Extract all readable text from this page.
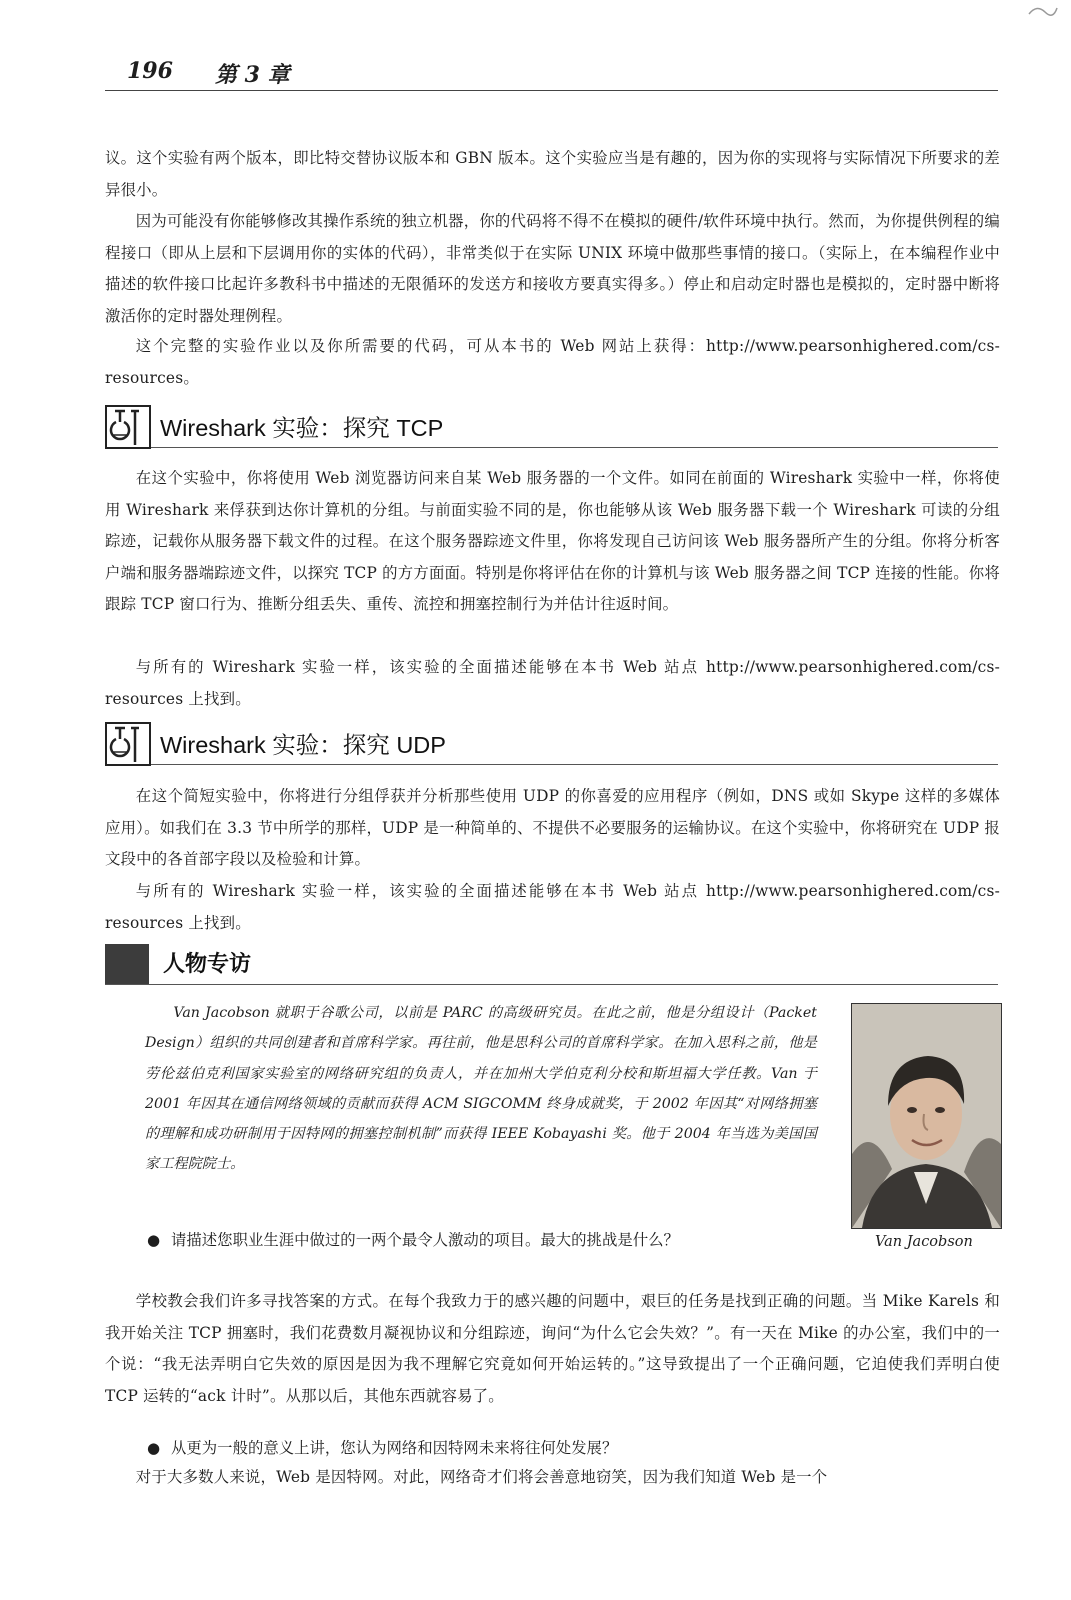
196 第 3 章

议。这个实验有两个版本，即比特交替协议版本和 GBN 版本。这个实验应当是有趣的，因为你的实现将与实际情况下所要求的差异很小。

因为可能没有你能够修改其操作系统的独立机器，你的代码将不得不在模拟的硬件/软件环境中执行。然而，为你提供例程的编程接口（即从上层和下层调用你的实体的代码），非常类似于在实际 UNIX 环境中做那些事情的接口。（实际上，在本编程作业中描述的软件接口比起许多教科书中描述的无限循环的发送方和接收方要真实得多。）停止和启动定时器也是模拟的，定时器中断将激活你的定时器处理例程。

这个完整的实验作业以及你所需要的代码，可从本书的 Web 网站上获得：http://www.pearsonhighered.com/cs-resources。

Wireshark 实验：探究 TCP

在这个实验中，你将使用 Web 浏览器访问来自某 Web 服务器的一个文件。如同在前面的 Wireshark 实验中一样，你将使用 Wireshark 来俘获到达你计算机的分组。与前面实验不同的是，你也能够从该 Web 服务器下载一个 Wireshark 可读的分组踪迹，记载你从服务器下载文件的过程。在这个服务器踪迹文件里，你将发现自己访问该 Web 服务器所产生的分组。你将分析客户端和服务器端踪迹文件，以探究 TCP 的方方面面。特别是你将评估在你的计算机与该 Web 服务器之间 TCP 连接的性能。你将跟踪 TCP 窗口行为、推断分组丢失、重传、流控和拥塞控制行为并估计往返时间。

与所有的 Wireshark 实验一样，该实验的全面描述能够在本书 Web 站点 http://www.pearsonhighered.com/cs-resources 上找到。

Wireshark 实验：探究 UDP

在这个简短实验中，你将进行分组俘获并分析那些使用 UDP 的你喜爱的应用程序（例如，DNS 或如 Skype 这样的多媒体应用）。如我们在 3.3 节中所学的那样，UDP 是一种简单的、不提供不必要服务的运输协议。在这个实验中，你将研究在 UDP 报文段中的各首部字段以及检验和计算。

与所有的 Wireshark 实验一样，该实验的全面描述能够在本书 Web 站点 http://www.pearsonhighered.com/cs-resources 上找到。

人物专访

Van Jacobson 就职于谷歌公司，以前是 PARC 的高级研究员。在此之前，他是分组设计（Packet Design）组织的共同创建者和首席科学家。再往前，他是思科公司的首席科学家。在加入思科之前，他是劳伦兹伯克利国家实验室的网络研究组的负责人，并在加州大学伯克利分校和斯坦福大学任教。Van 于 2001 年因其在通信网络领域的贡献而获得 ACM SIGCOMM 终身成就奖，于 2002 年因其“对网络拥塞的理解和成功研制用于因特网的拥塞控制机制”而获得 IEEE Kobayashi 奖。他于 2004 年当选为美国国家工程院院士。

Van Jacobson
● 请描述您职业生涯中做过的一两个最令人激动的项目。最大的挑战是什么？

学校教会我们许多寻找答案的方式。在每个我致力于的感兴趣的问题中，艰巨的任务是找到正确的问题。当 Mike Karels 和我开始关注 TCP 拥塞时，我们花费数月凝视协议和分组踪迹，询问“为什么它会失效？”。有一天在 Mike 的办公室，我们中的一个说：“我无法弄明白它失效的原因是因为我不理解它究竟如何开始运转的。”这导致提出了一个正确问题，它迫使我们弄明白使 TCP 运转的“ack 计时”。从那以后，其他东西就容易了。

● 从更为一般的意义上讲，您认为网络和因特网未来将往何处发展？

对于大多数人来说，Web 是因特网。对此，网络奇才们将会善意地窃笑，因为我们知道 Web 是一个
